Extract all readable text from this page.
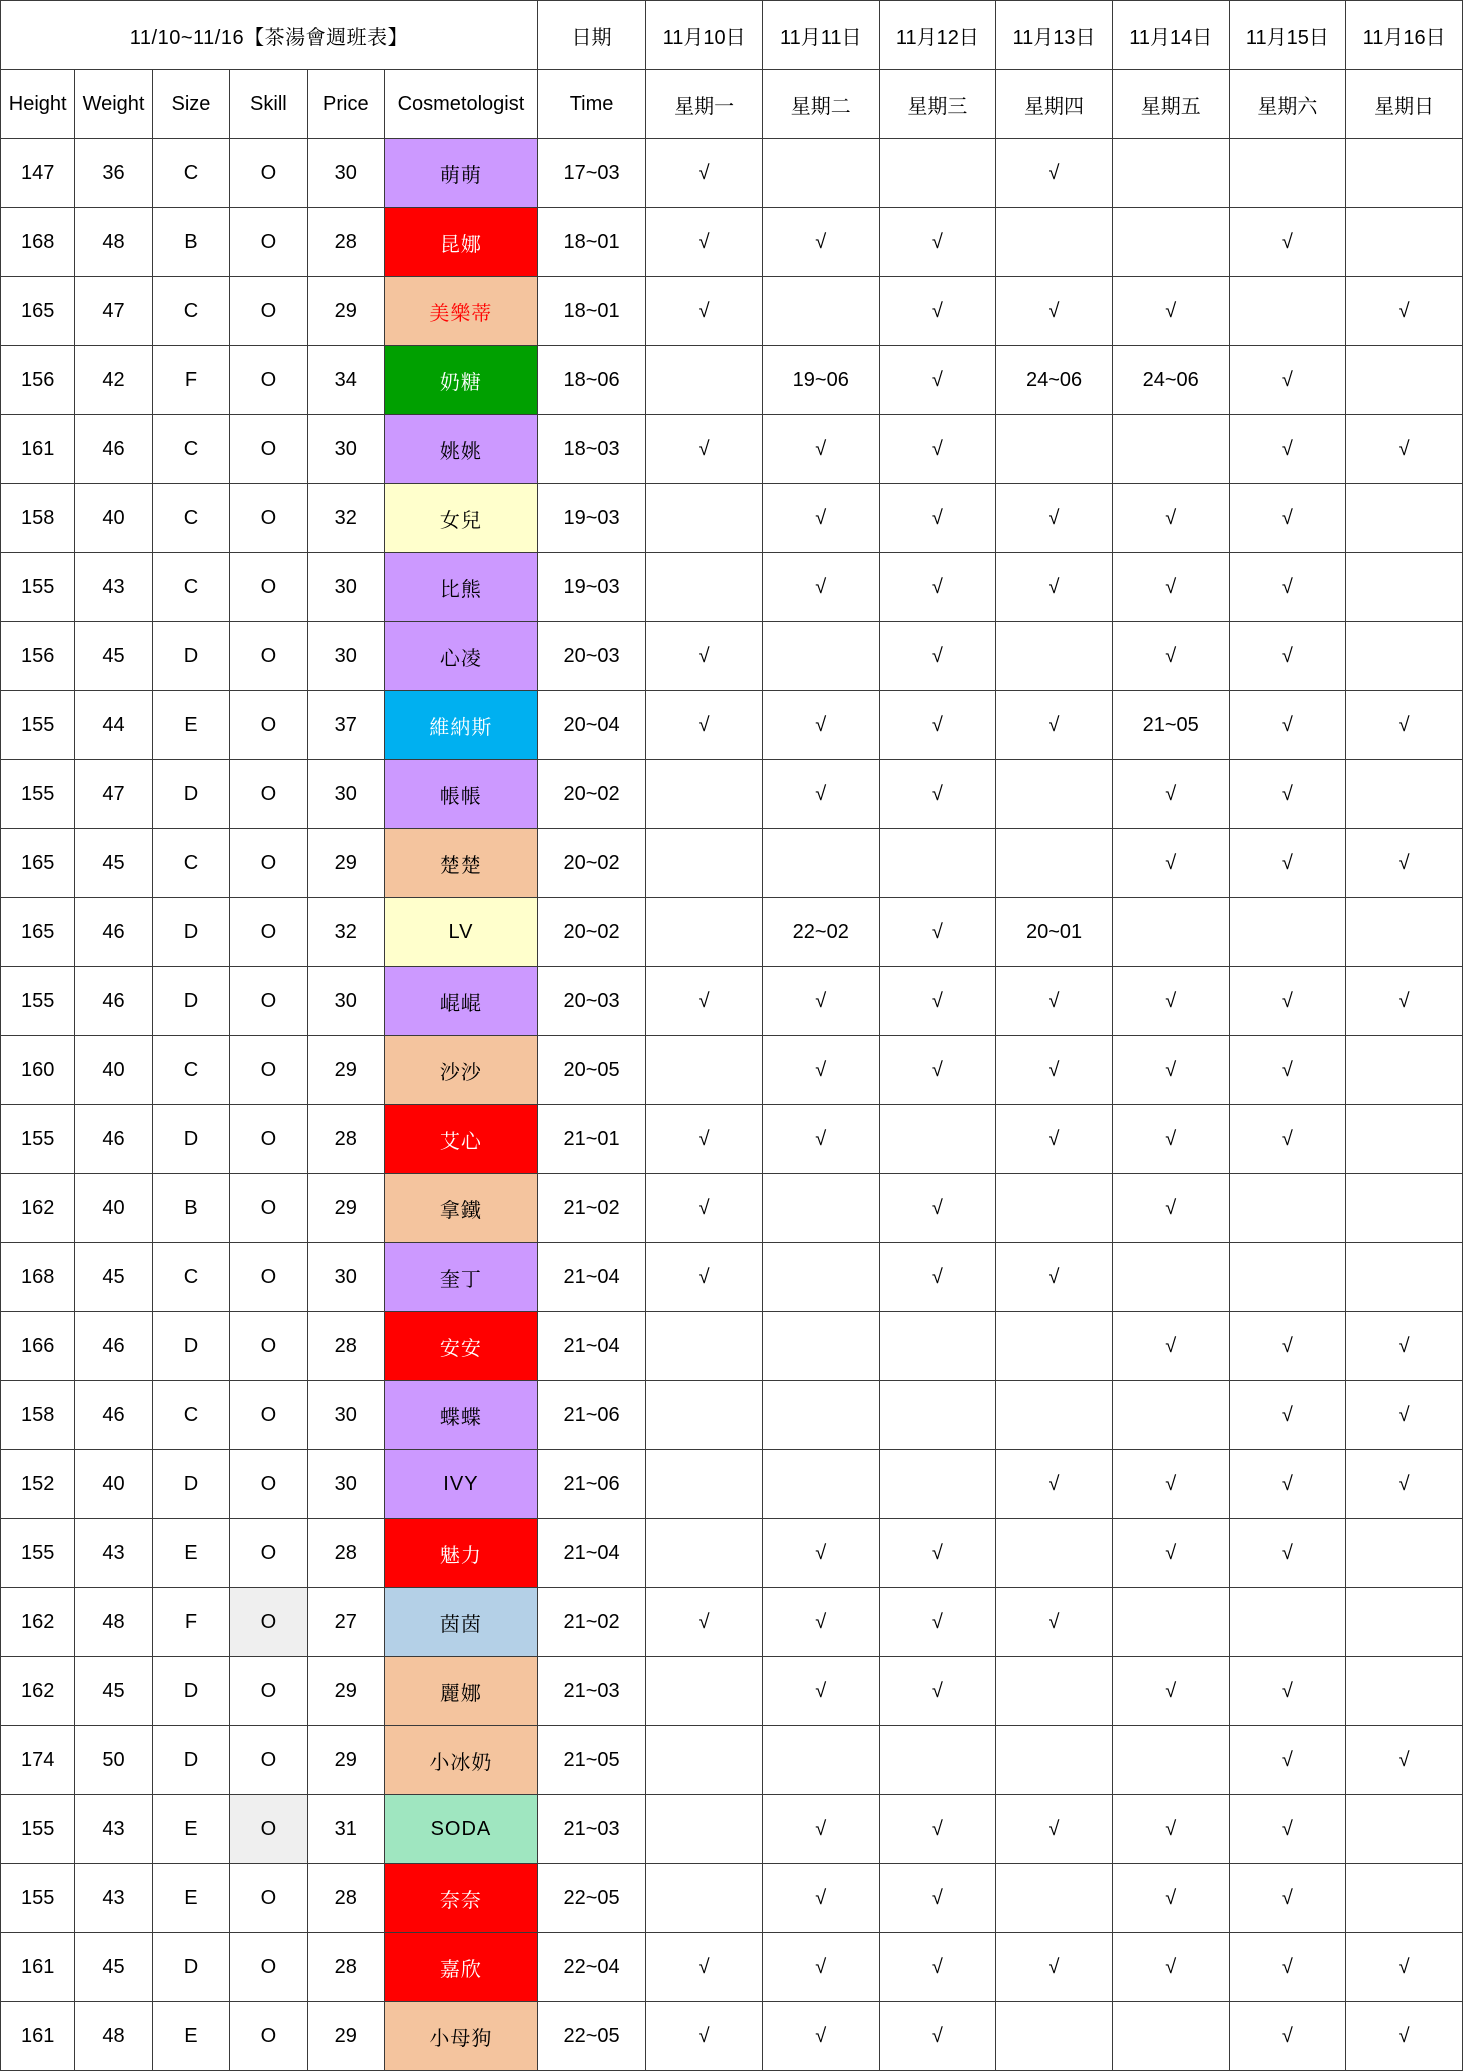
11/10~11/16【茶湯會週班表】						日期	11月10日	11月11日	11月12日	11月13日	11月14日	11月15日	11月16日
Height	Weight	Size	Skill	Price	Cosmetologist	Time	星期一	星期二	星期三	星期四	星期五	星期六	星期日
147	36	C	O	30	萌萌	17~03	√			√			
168	48	B	O	28	昆娜	18~01	√	√	√			√	
165	47	C	O	29	美樂蒂	18~01	√		√	√	√		√
156	42	F	O	34	奶糖	18~06		19~06	√	24~06	24~06	√	
161	46	C	O	30	姚姚	18~03	√	√	√			√	√
158	40	C	O	32	女兒	19~03		√	√	√	√	√	
155	43	C	O	30	比熊	19~03		√	√	√	√	√	
156	45	D	O	30	心凌	20~03	√		√		√	√	
155	44	E	O	37	維納斯	20~04	√	√	√	√	21~05	√	√
155	47	D	O	30	帳帳	20~02		√	√		√	√	
165	45	C	O	29	楚楚	20~02					√	√	√
165	46	D	O	32	LV	20~02		22~02	√	20~01			
155	46	D	O	30	崐崐	20~03	√	√	√	√	√	√	√
160	40	C	O	29	沙沙	20~05		√	√	√	√	√	
155	46	D	O	28	艾心	21~01	√	√		√	√	√	
162	40	B	O	29	拿鐵	21~02	√		√		√		
168	45	C	O	30	奎丁	21~04	√		√	√			
166	46	D	O	28	安安	21~04					√	√	√
158	46	C	O	30	蝶蝶	21~06						√	√
152	40	D	O	30	IVY	21~06				√	√	√	√
155	43	E	O	28	魅力	21~04		√	√		√	√	
162	48	F	O	27	茵茵	21~02	√	√	√	√			
162	45	D	O	29	麗娜	21~03		√	√		√	√	
174	50	D	O	29	小冰奶	21~05						√	√
155	43	E	O	31	SODA	21~03		√	√	√	√	√	
155	43	E	O	28	奈奈	22~05		√	√		√	√	
161	45	D	O	28	嘉欣	22~04	√	√	√	√	√	√	√
161	48	E	O	29	小母狗	22~05	√	√	√			√	√
